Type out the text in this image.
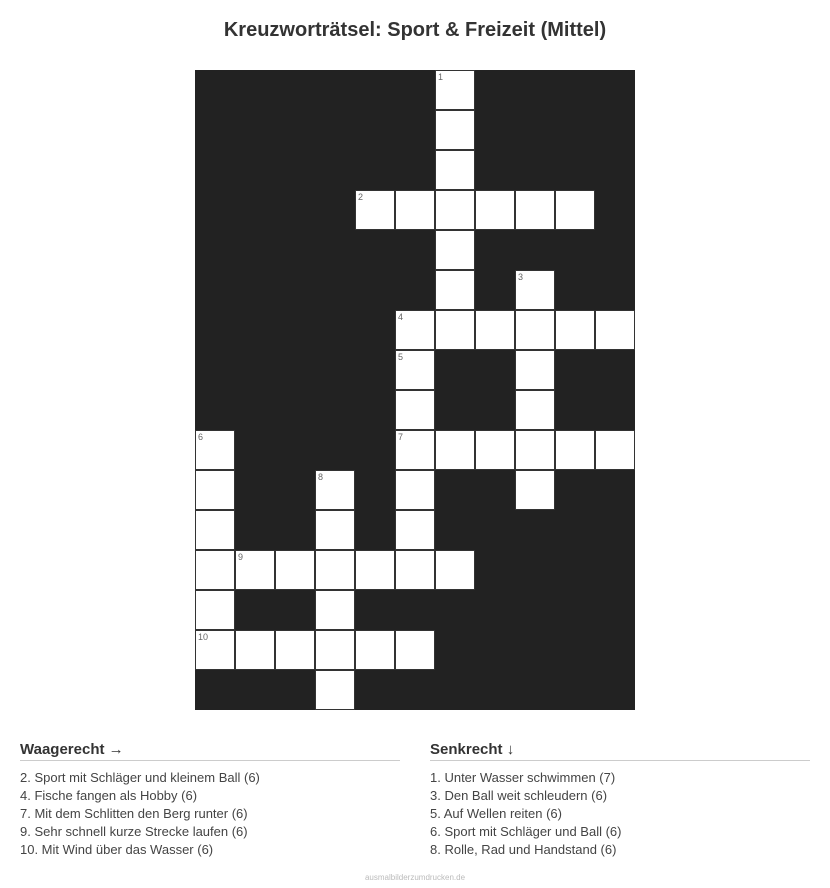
Kreuzworträtsel: Sport & Freizeit (Mittel)
1
2
3
4
5
6	7
8
9
10
Waagerecht →
2. Sport mit Schläger und kleinem Ball (6)
4. Fische fangen als Hobby (6)
7. Mit dem Schlitten den Berg runter (6)
9. Sehr schnell kurze Strecke laufen (6)
10. Mit Wind über das Wasser (6)
Senkrecht ↓
1. Unter Wasser schwimmen (7)
3. Den Ball weit schleudern (6)
5. Auf Wellen reiten (6)
6. Sport mit Schläger und Ball (6)
8. Rolle, Rad und Handstand (6)
ausmalbilderzumdrucken.de
